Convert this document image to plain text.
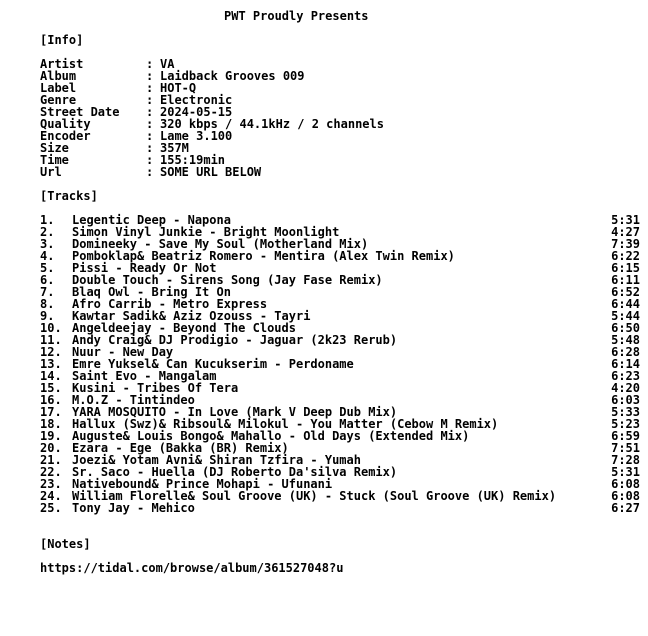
PWT Proudly Presents
[Info]
Artist	: VA
Album	: Laidback Grooves 009
Label	: HOT-Q
Genre	: Electronic
Street Date	: 2024-05-15
Quality	: 320 kbps / 44.1kHz / 2 channels
Encoder	: Lame 3.100
Size	: 357M
Time	: 155:19min
Url	: SOME URL BELOW
[Tracks]
1.	Legentic Deep - Napona	5:31
2.	Simon Vinyl Junkie - Bright Moonlight	4:27
3.	Domineeky - Save My Soul (Motherland Mix)	7:39
4.	Pomboklap& Beatriz Romero - Mentira (Alex Twin Remix)	6:22
5.	Pissi - Ready Or Not	6:15
6.	Double Touch - Sirens Song (Jay Fase Remix)	6:11
7.	Blaq Owl - Bring It On	6:52
8.	Afro Carrib - Metro Express	6:44
9.	Kawtar Sadik& Aziz Ozouss - Tayri	5:44
10. Angeldeejay - Beyond The Clouds	6:50
11. Andy Craig& DJ Prodigio - Jaguar (2k23 Rerub)	5:48
12. Nuur - New Day	6:28
13. Emre Yuksel& Can Kucukserim - Perdoname	6:14
14. Saint Evo - Mangalam	6:23
15. Kusini - Tribes Of Tera	4:20
16. M.O.Z - Tintindeo	6:03
17. YARA MOSQUITO - In Love (Mark V Deep Dub Mix)	5:33
18. Hallux (Swz)& Ribsoul& Milokul - You Matter (Cebow M Remix)	5:23
19. Auguste& Louis Bongo& Mahallo - Old Days (Extended Mix)	6:59
20. Ezara - Ege (Bakka (BR) Remix)	7:51
21. Joezi& Yotam Avni& Shiran Tzfira - Yumah	7:28
22. Sr. Saco - Huella (DJ Roberto Da'silva Remix)	5:31
23. Nativebound& Prince Mohapi - Ufunani	6:08
24. William Florelle& Soul Groove (UK) - Stuck (Soul Groove (UK) Remix)	6:08
25. Tony Jay - Mehico	6:27
[Notes]
https://tidal.com/browse/album/361527048?u
